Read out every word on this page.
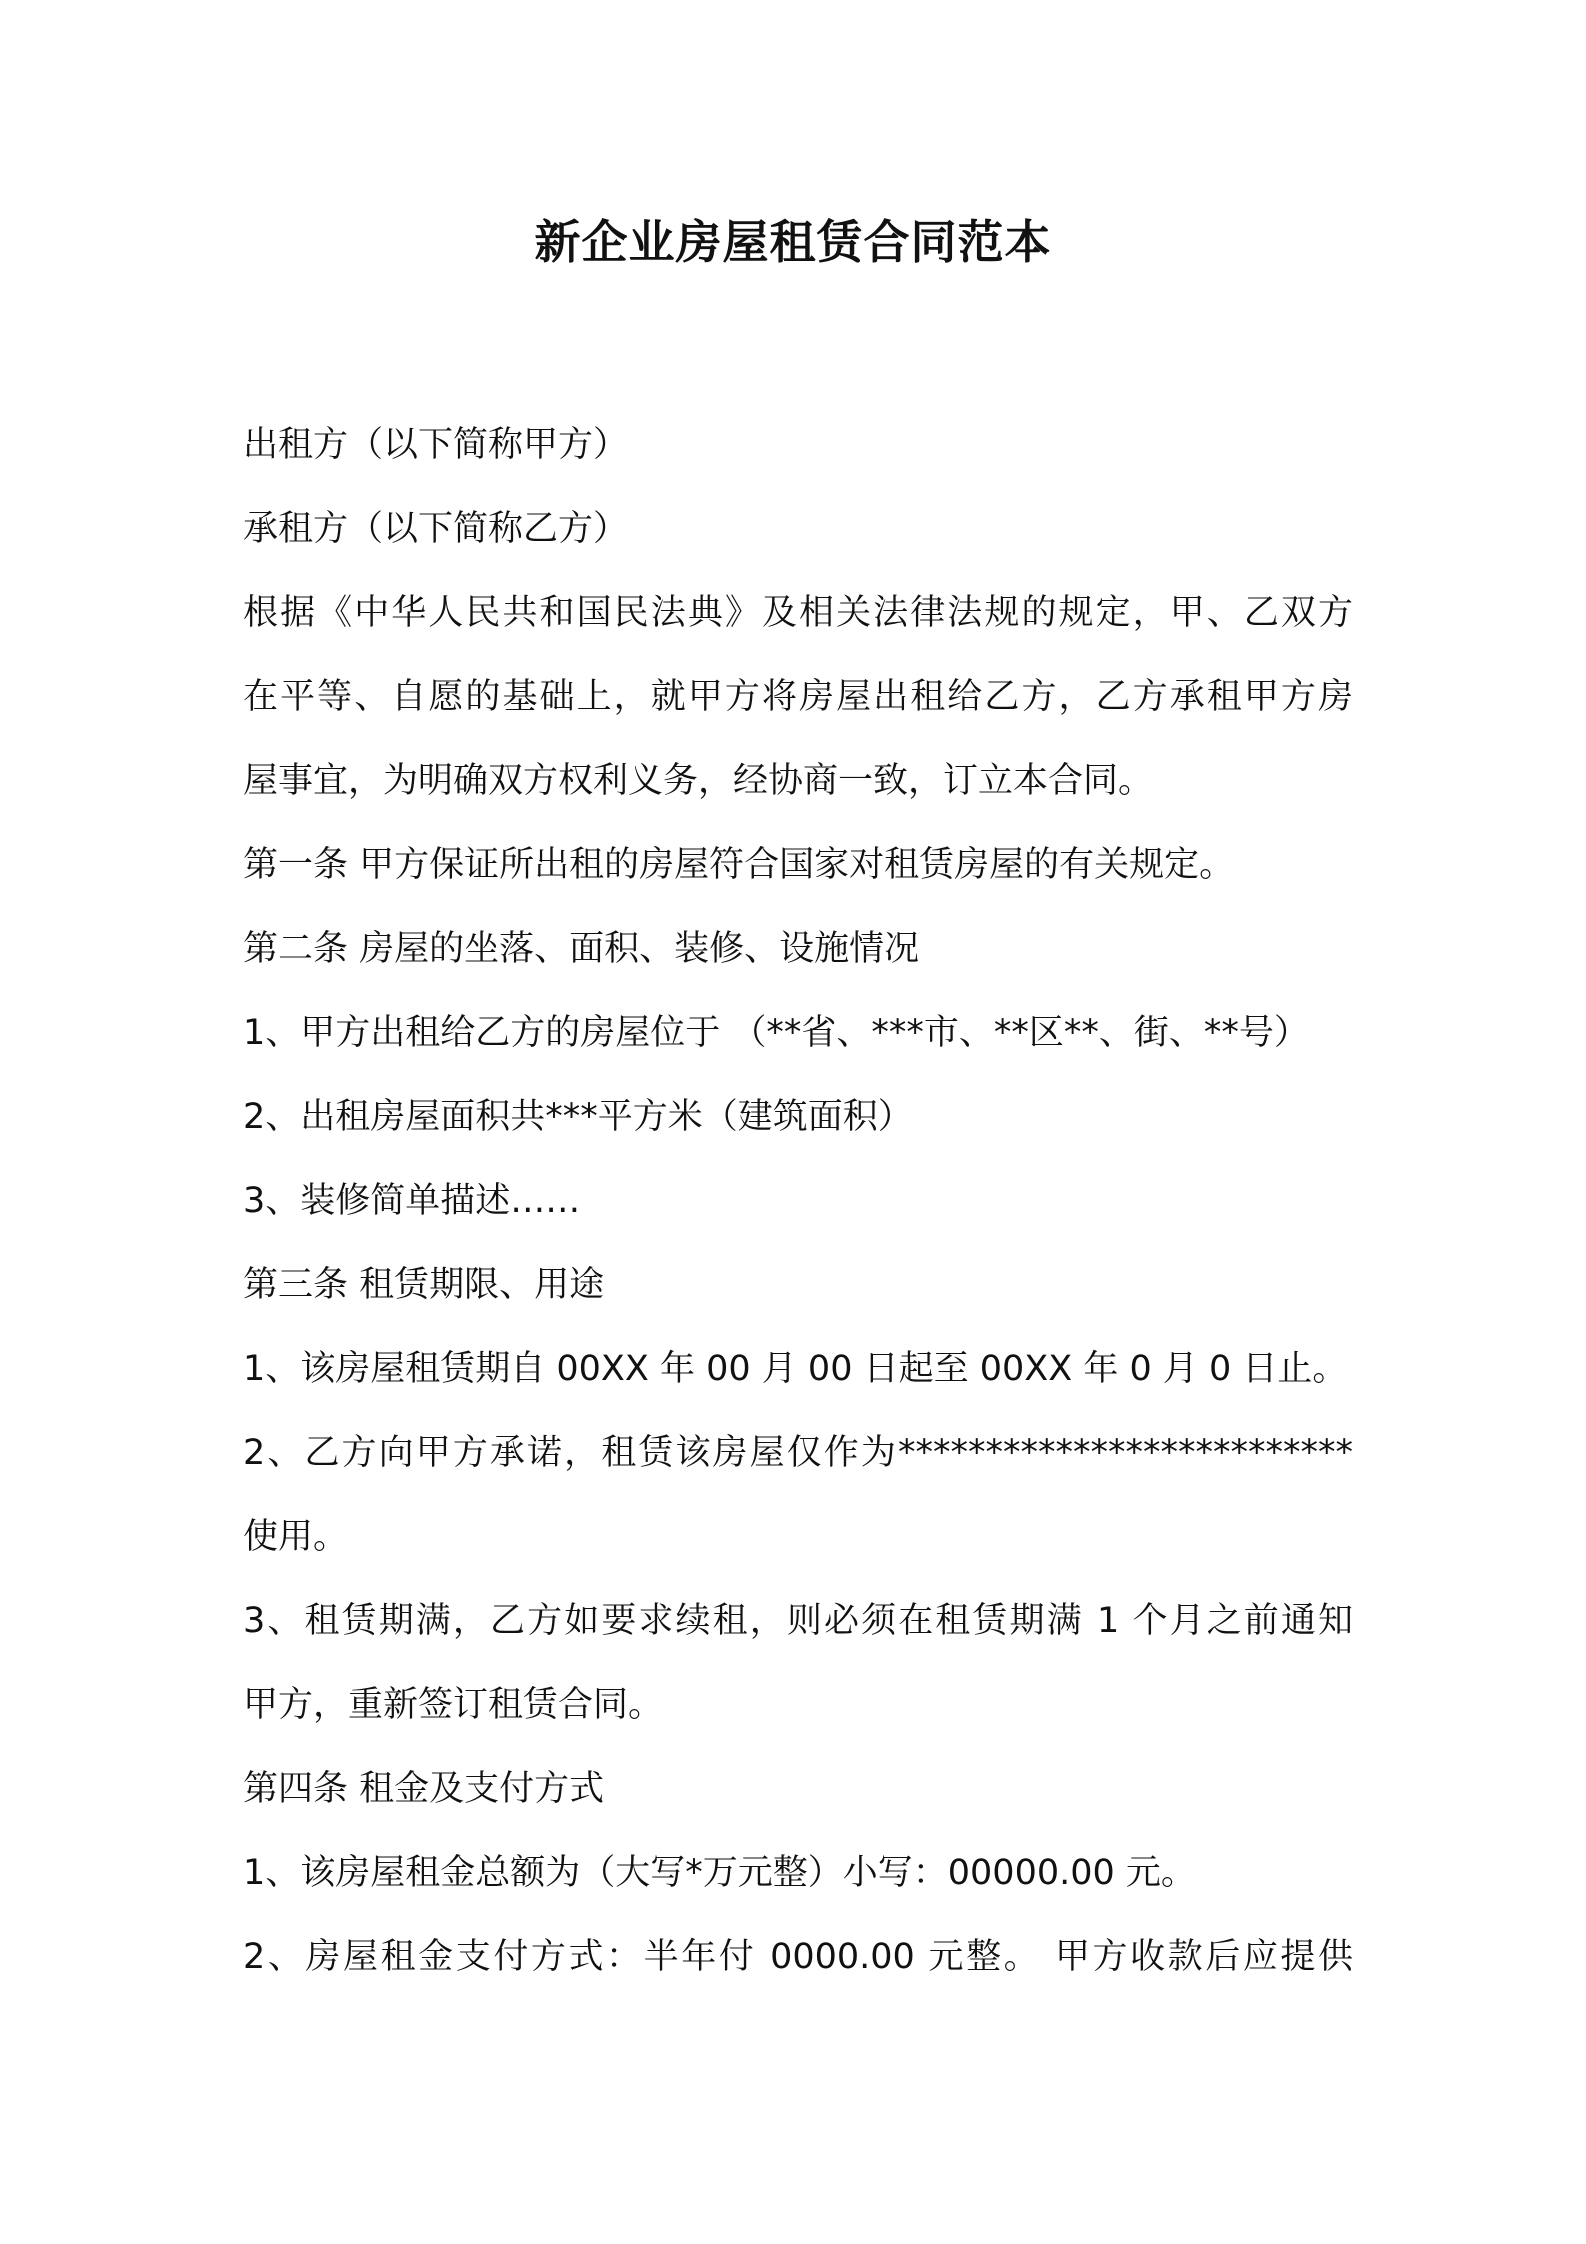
新企业房屋租赁合同范本
出租方（以下简称甲方）
承租方（以下简称乙方）
根据《中华人民共和国民法典》及相关法律法规的规定，甲、乙双方
在平等、自愿的基础上，就甲方将房屋出租给乙方，乙方承租甲方房
屋事宜，为明确双方权利义务，经协商一致，订立本合同。
第一条 甲方保证所出租的房屋符合国家对租赁房屋的有关规定。
第二条 房屋的坐落、面积、装修、设施情况
1、甲方出租给乙方的房屋位于 （**省、***市、**区**、街、**号）
2、出租房屋面积共***平方米（建筑面积）
3、装修简单描述……
第三条 租赁期限、用途
1、该房屋租赁期自 00XX 年 00 月 00 日起至 00XX 年 0 月 0 日止。
2、乙方向甲方承诺，租赁该房屋仅作为**************************
使用。
3、租赁期满，乙方如要求续租，则必须在租赁期满 1 个月之前通知
甲方，重新签订租赁合同。
第四条 租金及支付方式
1、该房屋租金总额为（大写*万元整）小写：00000.00 元。
2、房屋租金支付方式：半年付 0000.00 元整。 甲方收款后应提供
